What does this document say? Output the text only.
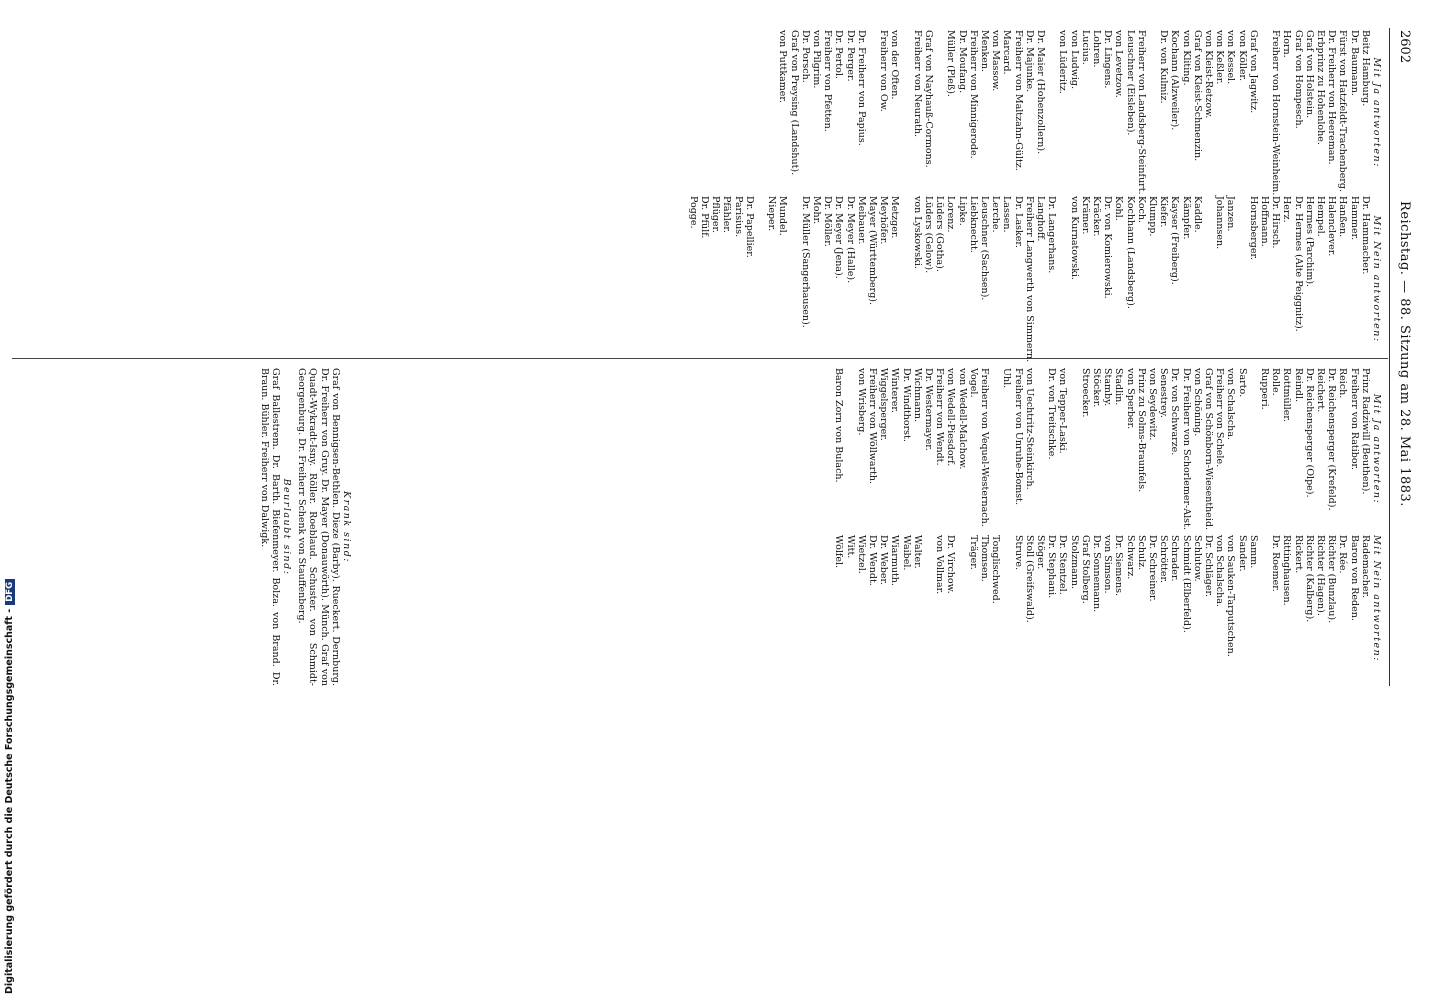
2602
Reichstag. — 88. Sitzung am 28. Mai 1883.
Mit Ja antworten:
Beitz Hamburg.
Dr. Baumann.
Fürst von Hatzfeldt-Trachenberg.
Dr. Freiherr von Heereman.
Erbprinz zu Hohenlohe.
Graf von Holstein.
Graf von Hompesch.
Horn.
Freiherr von Hornstein-Weinheim.
Graf von Jagwitz.
von Köller.
von Kessel.
von Keßler.
von Kleist-Retzow.
Graf von Kleist-Schmenzin.
von Kliting.
Kochann (Alzweiler).
Dr. von Kulmiz.
Freiherr von Landsberg-Steinfurt.
Leuschner (Eisleben).
von Levetzow.
Dr. Lingens.
Lohren.
Lucius.
von Ludwig.
von Lüderitz.
Dr. Maier (Hohenzollern).
Dr. Majunke.
Freiherr von Maltzahn-Gültz.
Marcard.
von Massow.
Menken.
Freiherr von Minnigerode.
Dr. Moufang.
Müller (Pleß).
Graf von Nayhauß-Cormons.
Freiherr von Neurath.
von der Often.
Freiherr von Ow.
Dr. Freiherr von Papius.
Dr. Perger.
Dr. Pertol.
Freiherr von Pfetten.
von Pilgrim.
Dr. Porsch.
Graf von Preysing (Landshut).
von Puttkamer.
Mit Nein antworten:
Dr. Hammacher.
Hammer.
Hanßen.
Halenclever.
Hempel.
Hermes (Parchim).
Dr. Hermes (Alte Peiggnitz).
Herz.
Dr. Hirsch.
Hoffmann.
Hornsberger.
Janzen.
Johannsen.
Kaddle.
Kämpfer.
Kayser (Freiberg).
Kiefer.
Klumpp.
Koch.
Kochhann (Landsberg).
Kohl.
Dr. von Komierowski.
Kräcker.
Krämer.
von Kurnatowski.
Dr. Langerhans.
Langhoff.
Freiherr Langwerth von Simmern.
Dr. Lasker.
Lassen.
Lerche.
Leuschner (Sachsen).
Liebknecht.
Lipke.
Lorenz.
Lüders (Gotha).
Lüders (Gelow).
von Lyskowski.
Metzger.
Meyhöfer.
Mayer (Württemberg).
Meibauer.
Dr. Meyer (Halle).
Dr. Meyer (Jena).
Dr. Möller.
Mohr.
Dr. Müller (Sangerhausen).
Mundel.
Nieper.
Dr. Papellier.
Parisius.
Pfähler.
Pflüger.
Dr. Pfülf.
Pogge.
Mit Ja antworten:
Prinz Radziwill (Beuthen).
Freiherr von Ratibor.
Reich.
Dr. Reichensperger (Krefeld).
Reichert.
Dr. Reichensperger (Olpe).
Reindl.
Rottmüller.
Rolle.
Rupperi.
Sarto.
von Schalscha.
Freiherr von Schele.
Graf von Schönborn-Wiesentheid.
von Schöning.
Dr. Freiherr von Schorlemer-Alst.
Dr. von Schwarze.
Senestrey.
von Seydewitz.
Prinz zu Solms-Braunfels.
von Sperber.
Stadlin.
Stamby.
Stöcker.
Stroecker.
von Tepper-Laski.
Dr. von Treitschke.
von Uechtritz-Steinkirch.
Freiherr von Unruhe-Bomst.
Uhl.
Freiherr von Vequel-Westernach.
Vogel.
von Wedell-Malchow.
von Wedell-Piesdorf.
Freiherr von Wendt.
Dr. Westermayer.
Wichmann.
Dr. Windthorst.
Winterer.
Wiggelsperger.
Freiherr von Wöllwarth.
von Wrisberg.
Baron Zorn von Bulach.
Mit Nein antworten:
Rademacher.
Baron von Reden.
Dr. Rée.
Richter (Bunzlau).
Richter (Hagen).
Richter (Kalberg).
Rickert.
Rittinghausen.
Dr. Roemer.
Samm.
Sander.
von Sauken-Tarputschen.
von Schalscha.
Dr. Schläger.
Schlutow.
Schmidt (Elberfeld).
Schrader.
Schrötter.
Dr. Schreiner.
Schulz.
Schwarz.
Dr. Siemens.
von Simson.
Dr. Sonnemann.
Graf Stolberg.
Stolzmann.
Dr. Stentzel.
Dr. Stephani.
Stöger.
Stoll (Greifswald).
Struve.
Tonglischwed.
Thomsen.
Träger.
Dr. Virchow.
von Vollmar.
Walter.
Waibel.
Wiarmuth.
Dr. Weber.
Dr. Wendt.
Wietzel.
Witt.
Wölfel.
Krank sind:
Graf von Bennigsen-Bethlen. Dieze (Barby). Rueckert. Dernburg. Dr. Freiherr von Gruy. Dr. Mayer (Donauwörth). Münch. Graf von Quadt-Wykradt-Isny. Röller. Roeblaud. Schuster. von Schmidt-Georgenburg. Dr. Freiherr Schenk von Stauffenberg.
Beurlaubt sind:
Graf Ballestrem. Dr. Barth. Biefenmeyer. Bolza. von Brand. Dr. Braun. Bühler. Freiherr von Dalwigk.
Digitalisierung gefördert durch die Deutsche Forschungsgemeinschaft -DFG
